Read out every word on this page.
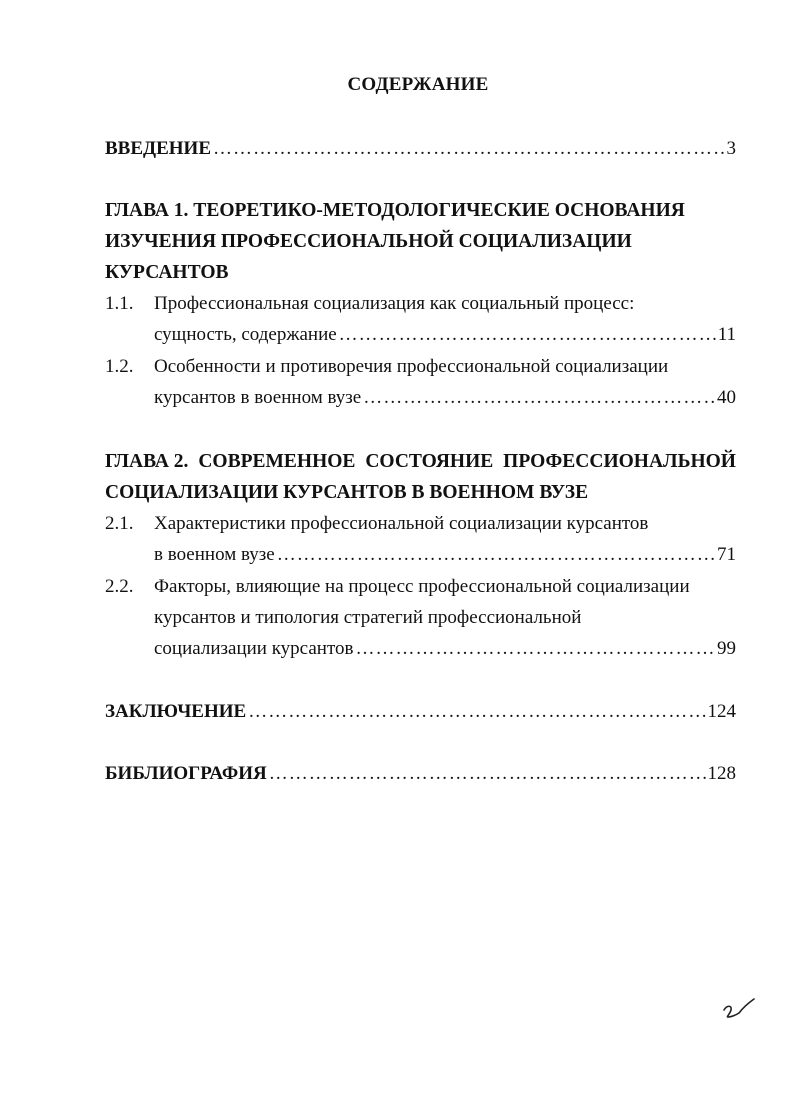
СОДЕРЖАНИЕ
ВВЕДЕНИЕ ……………………………………………………………………………………………………………………	3
ГЛАВА 1. ТЕОРЕТИКО-МЕТОДОЛОГИЧЕСКИЕ ОСНОВАНИЯ
ИЗУЧЕНИЯ ПРОФЕССИОНАЛЬНОЙ СОЦИАЛИЗАЦИИ
КУРСАНТОВ
1.1. Профессиональная социализация как социальный процесс:
сущность, содержание ……………………………………………………………………………………………………………………	11
1.2. Особенности и противоречия профессиональной социализации
курсантов в военном вузе ……………………………………………………………………………………………………………………	40
ГЛАВА 2. СОВРЕМЕННОЕ СОСТОЯНИЕ ПРОФЕССИОНАЛЬНОЙ
СОЦИАЛИЗАЦИИ КУРСАНТОВ В ВОЕННОМ ВУЗЕ
2.1. Характеристики профессиональной социализации курсантов
в военном вузе ……………………………………………………………………………………………………………………	71
2.2. Факторы, влияющие на процесс профессиональной социализации
курсантов и типология стратегий профессиональной
социализации курсантов ……………………………………………………………………………………………………………………	99
ЗАКЛЮЧЕНИЕ ……………………………………………………………………………………………………………………	124
БИБЛИОГРАФИЯ ……………………………………………………………………………………………………………………	128
